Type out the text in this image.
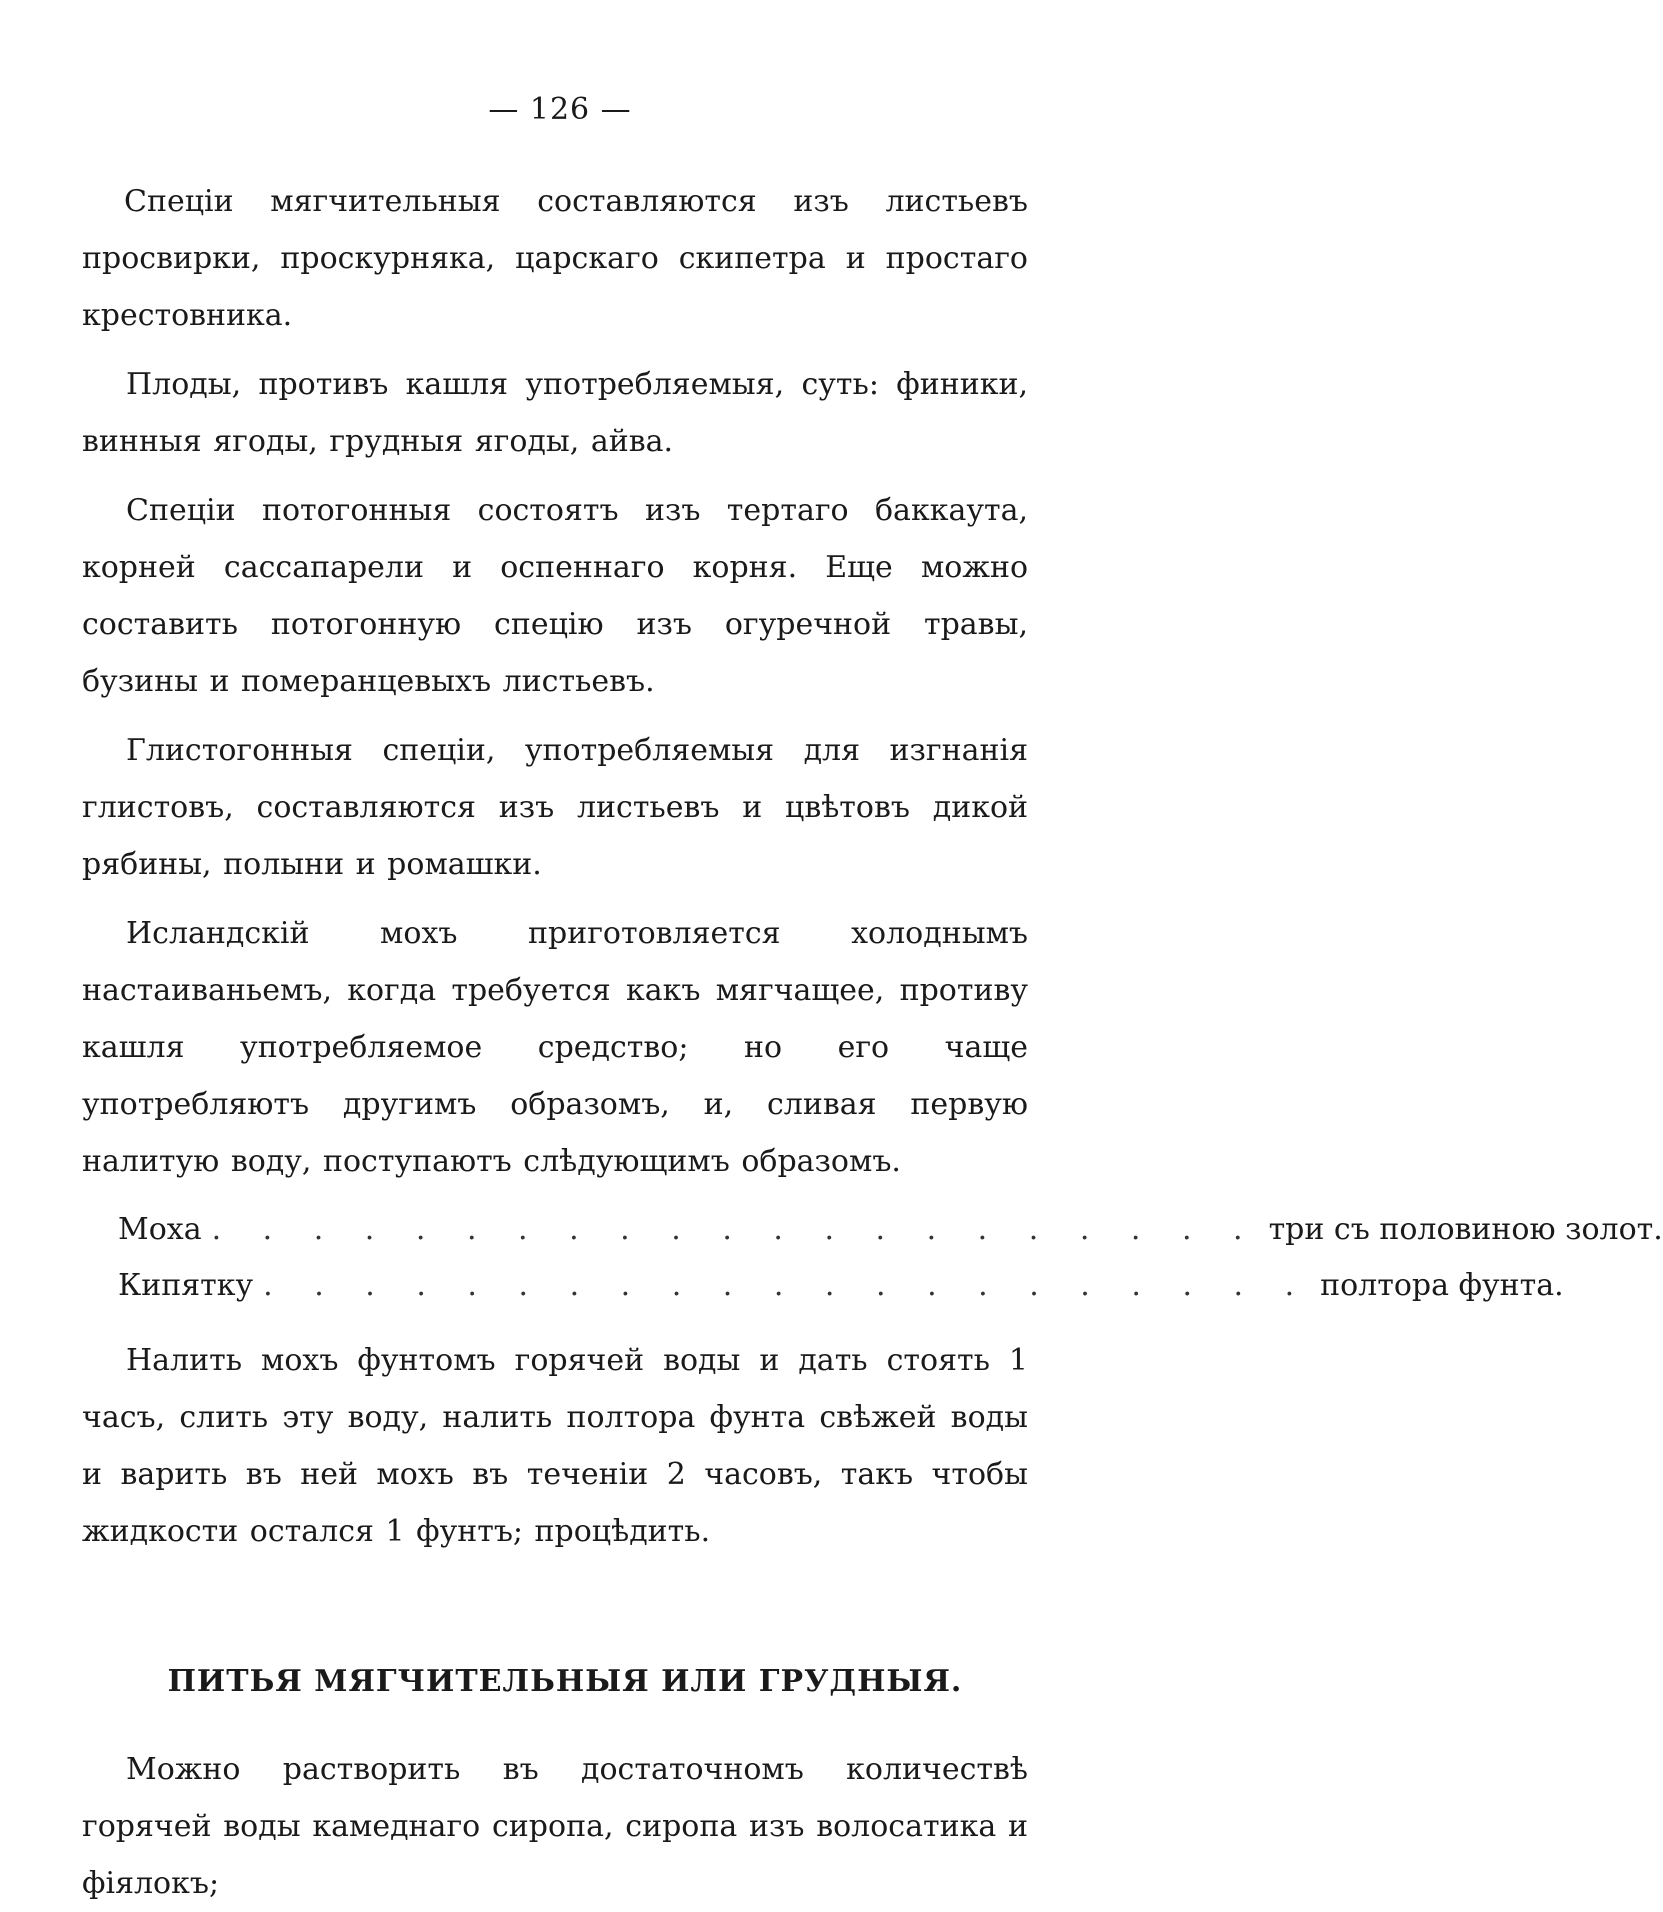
— 126 —

Спеціи мягчительныя составляются изъ листьевъ просвирки, проскурняка, царскаго скипетра и простаго крестовника.

Плоды, противъ кашля употребляемыя, суть: финики, винныя ягоды, грудныя ягоды, айва.

Спеціи потогонныя состоятъ изъ тертаго баккаута, корней сассапарели и оспеннаго корня. Еще можно составить потогонную спецію изъ огуречной травы, бузины и померанцевыхъ листьевъ.

Глистогонныя спеціи, употребляемыя для изгнанія глистовъ, составляются изъ листьевъ и цвѣтовъ дикой рябины, полыни и ромашки.

Исландскій мохъ приготовляется холоднымъ настаиваньемъ, когда требуется какъ мягчащее, противу кашля употребляемое средство; но его чаще употребляютъ другимъ образомъ, и, сливая первую налитую воду, поступаютъ слѣдующимъ образомъ.

Моха . . . . . . . . . . . . . . . . . . . . . три съ половиною золот.
Кипятку . . . . . . . . . . . . . . . . . . . . . полтора фунта.

Налить мохъ фунтомъ горячей воды и дать стоять 1 часъ, слить эту воду, налить полтора фунта свѣжей воды и варить въ ней мохъ въ теченіи 2 часовъ, такъ чтобы жидкости остался 1 фунтъ; процѣдить.

ПИТЬЯ МЯГЧИТЕЛЬНЫЯ ИЛИ ГРУДНЫЯ.

Можно растворить въ достаточномъ количествѣ горячей воды камеднаго сиропа, сиропа изъ волосатика и фіялокъ;
